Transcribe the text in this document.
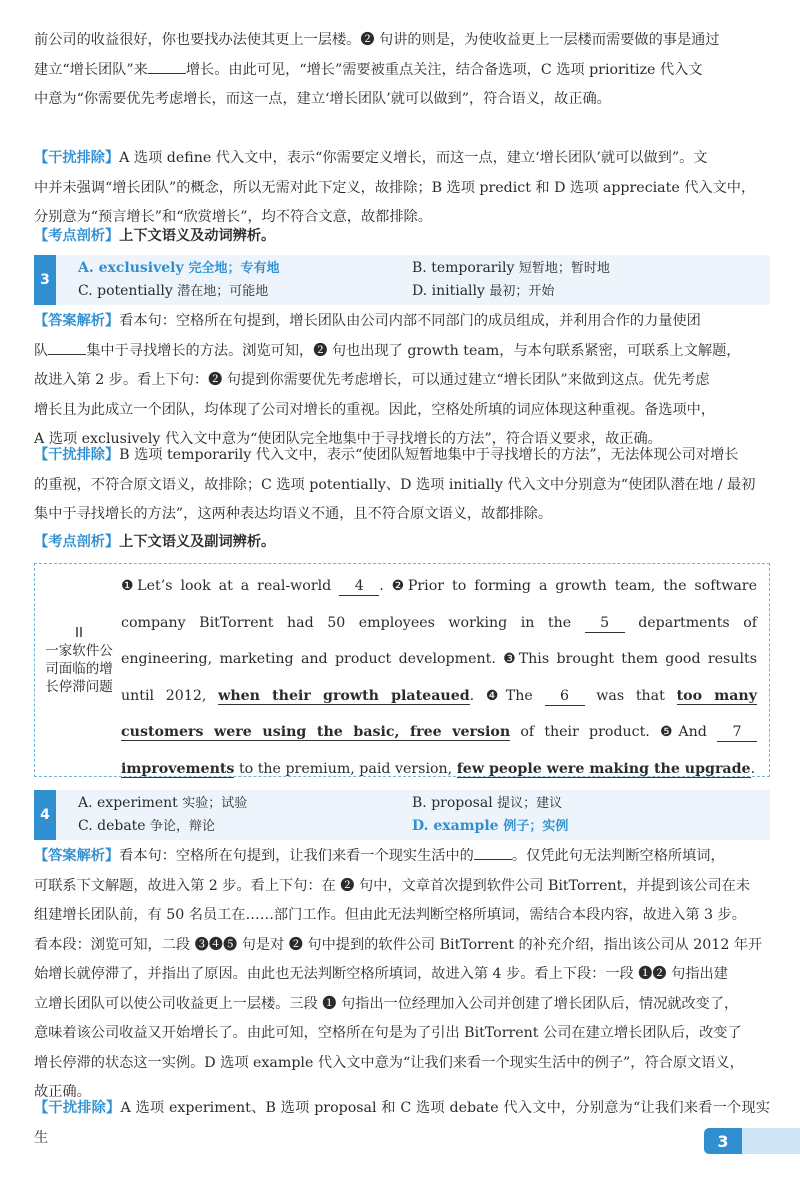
前公司的收益很好，你也要找办法使其更上一层楼。❷ 句讲的则是，为使收益更上一层楼而需要做的事是通过
建立“增长团队”来	增长。由此可见，“增长”需要被重点关注，结合备选项，C 选项 prioritize 代入文
中意为“你需要优先考虑增长，而这一点，建立‘增长团队’就可以做到”，符合语义，故正确。

【干扰排除】A 选项 define 代入文中，表示“你需要定义增长，而这一点，建立‘增长团队’就可以做到”。文
中并未强调“增长团队”的概念，所以无需对此下定义，故排除；B 选项 predict 和 D 选项 appreciate 代入文中，
分别意为“预言增长”和“欣赏增长”，均不符合文意，故都排除。

【考点剖析】上下文语义及动词辨析。

3
A. exclusively 完全地；专有地	B. temporarily 短暂地；暂时地
C. potentially 潜在地；可能地	D. initially 最初；开始

【答案解析】看本句：空格所在句提到，增长团队由公司内部不同部门的成员组成，并利用合作的力量使团
队	集中于寻找增长的方法。浏览可知，❷ 句也出现了 growth team，与本句联系紧密，可联系上文解题，
故进入第 2 步。看上下句：❷ 句提到你需要优先考虑增长，可以通过建立“增长团队”来做到这点。优先考虑
增长且为此成立一个团队，均体现了公司对增长的重视。因此，空格处所填的词应体现这种重视。备选项中，
A 选项 exclusively 代入文中意为“使团队完全地集中于寻找增长的方法”，符合语义要求，故正确。

【干扰排除】B 选项 temporarily 代入文中，表示“使团队短暂地集中于寻找增长的方法”，无法体现公司对增长
的重视，不符合原文语义，故排除；C 选项 potentially、D 选项 initially 代入文中分别意为“使团队潜在地 / 最初
集中于寻找增长的方法”，这两种表达均语义不通，且不符合原文语义，故都排除。

【考点剖析】上下文语义及副词辨析。

II
一家软件公司面临的增长停滞问题
❶Let’s look at a real-world 4 . ❷Prior to forming a growth team, the software company BitTorrent had 50 employees working in the 5 departments of engineering, marketing and product development. ❸This brought them good results until 2012, when their growth plateaued. ❹The 6 was that too many customers were using the basic, free version of their product. ❺And 7 improvements to the premium, paid version, few people were making the upgrade.
4
A. experiment 实验；试验	B. proposal 提议；建议
C. debate 争论，辩论	D. example 例子；实例

【答案解析】看本句：空格所在句提到，让我们来看一个现实生活中的	。仅凭此句无法判断空格所填词，
可联系下文解题，故进入第 2 步。看上下句：在 ❷ 句中，文章首次提到软件公司 BitTorrent，并提到该公司在未
组建增长团队前，有 50 名员工在……部门工作。但由此无法判断空格所填词，需结合本段内容，故进入第 3 步。
看本段：浏览可知，二段 ❸❹❺ 句是对 ❷ 句中提到的软件公司 BitTorrent 的补充介绍，指出该公司从 2012 年开
始增长就停滞了，并指出了原因。由此也无法判断空格所填词，故进入第 4 步。看上下段：一段 ❶❷ 句指出建
立增长团队可以使公司收益更上一层楼。三段 ❶ 句指出一位经理加入公司并创建了增长团队后，情况就改变了，
意味着该公司收益又开始增长了。由此可知，空格所在句是为了引出 BitTorrent 公司在建立增长团队后，改变了
增长停滞的状态这一实例。D 选项 example 代入文中意为“让我们来看一个现实生活中的例子”，符合原文语义，
故正确。

【干扰排除】A 选项 experiment、B 选项 proposal 和 C 选项 debate 代入文中，分别意为“让我们来看一个现实生	3
